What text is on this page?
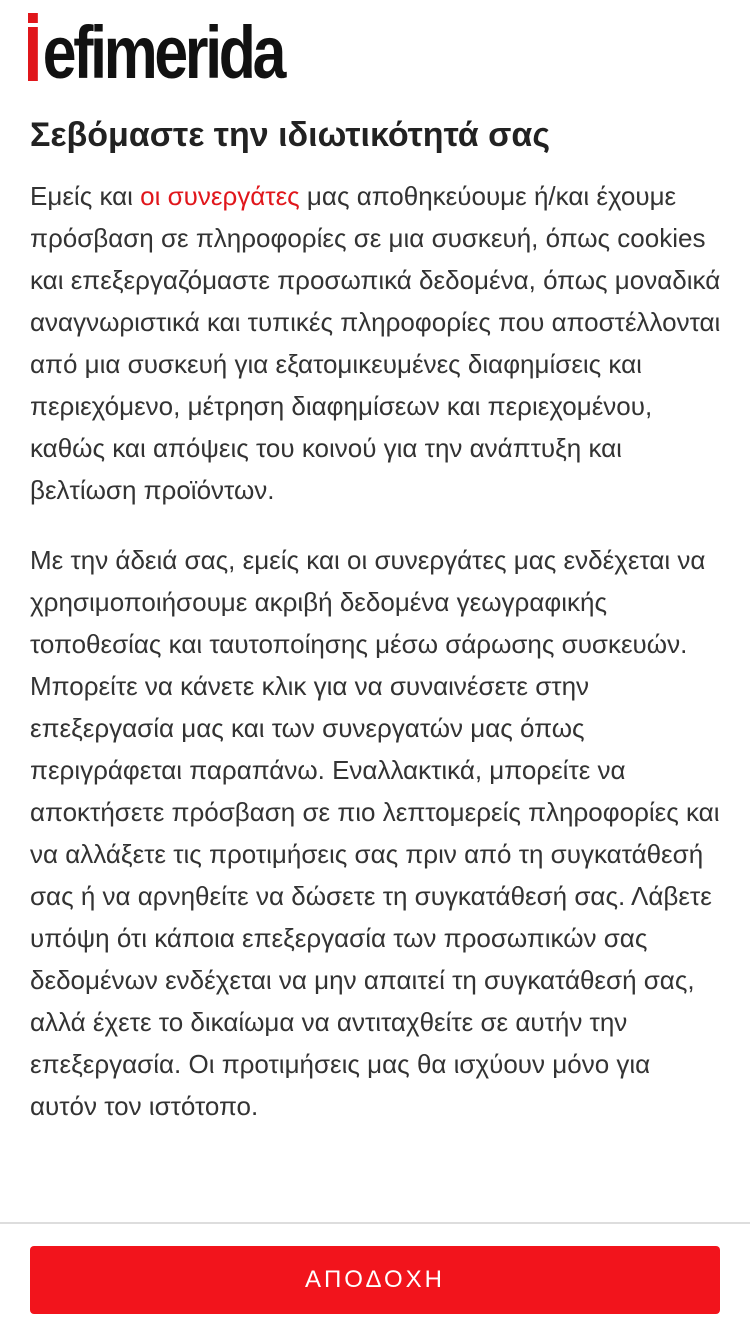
efimerida
Σεβόμαστε την ιδιωτικότητά σας

Εμείς και οι συνεργάτες μας αποθηκεύουμε ή/και έχουμε πρόσβαση σε πληροφορίες σε μια συσκευή, όπως cookies και επεξεργαζόμαστε προσωπικά δεδομένα, όπως μοναδικά αναγνωριστικά και τυπικές πληροφορίες που αποστέλλονται από μια συσκευή για εξατομικευμένες διαφημίσεις και περιεχόμενο, μέτρηση διαφημίσεων και περιεχομένου, καθώς και απόψεις του κοινού για την ανάπτυξη και βελτίωση προϊόντων.

Με την άδειά σας, εμείς και οι συνεργάτες μας ενδέχεται να χρησιμοποιήσουμε ακριβή δεδομένα γεωγραφικής τοποθεσίας και ταυτοποίησης μέσω σάρωσης συσκευών. Μπορείτε να κάνετε κλικ για να συναινέσετε στην επεξεργασία μας και των συνεργατών μας όπως περιγράφεται παραπάνω. Εναλλακτικά, μπορείτε να αποκτήσετε πρόσβαση σε πιο λεπτομερείς πληροφορίες και να αλλάξετε τις προτιμήσεις σας πριν από τη συγκατάθεσή σας ή να αρνηθείτε να δώσετε τη συγκατάθεσή σας. Λάβετε υπόψη ότι κάποια επεξεργασία των προσωπικών σας δεδομένων ενδέχεται να μην απαιτεί τη συγκατάθεσή σας, αλλά έχετε το δικαίωμα να αντιταχθείτε σε αυτήν την επεξεργασία. Οι προτιμήσεις μας θα ισχύουν μόνο για αυτόν τον ιστότοπο.

ΑΠΟΔΟΧΗ
